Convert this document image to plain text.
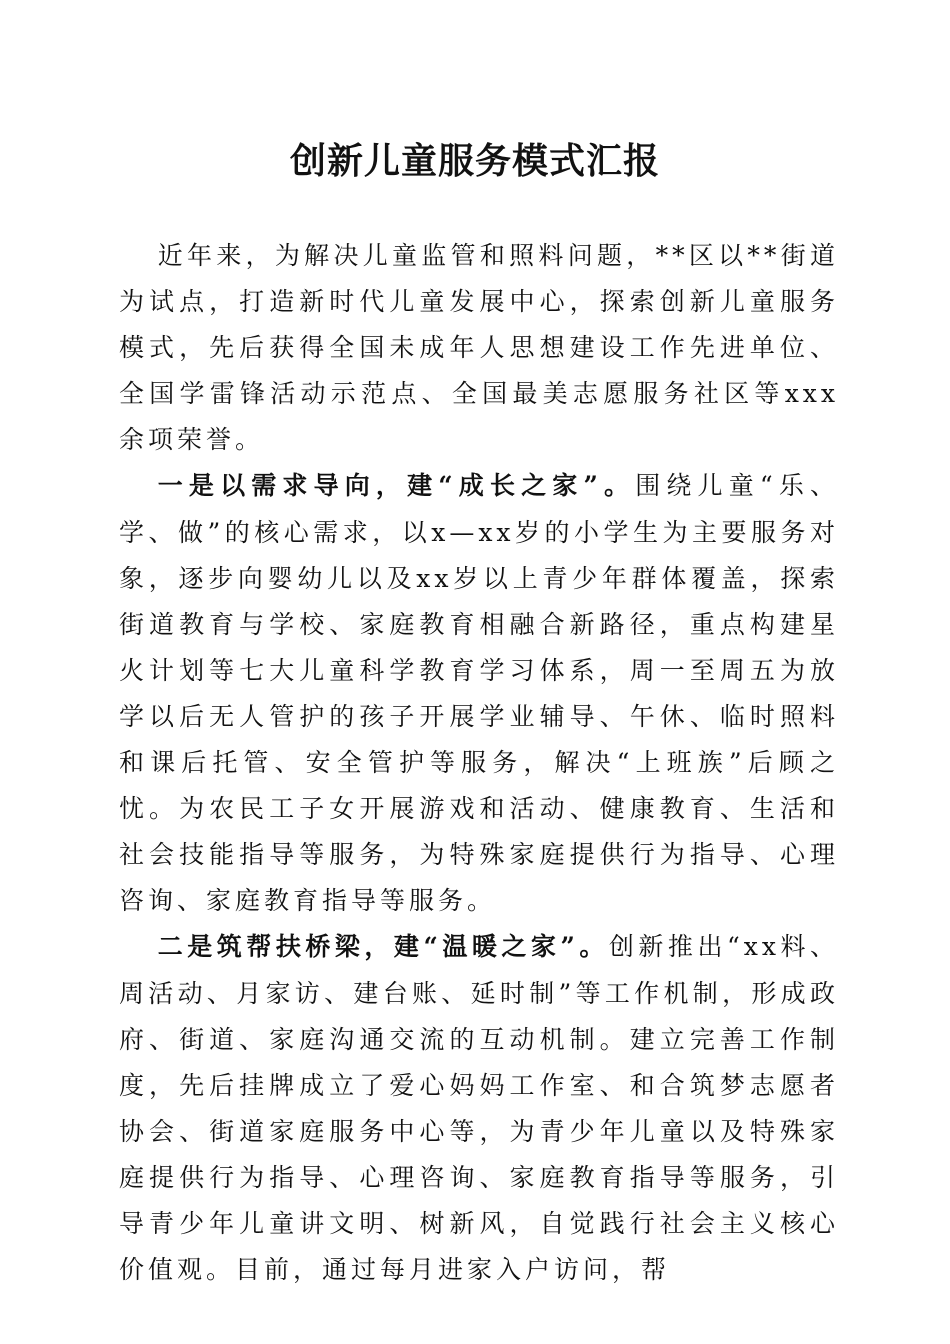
创新儿童服务模式汇报

近年来，为解决儿童监管和照料问题，**区以**街道为试点，打造新时代儿童发展中心，探索创新儿童服务模式，先后获得全国未成年人思想建设工作先进单位、全国学雷锋活动示范点、全国最美志愿服务社区等xxx余项荣誉。

一是以需求导向，建“成长之家”。围绕儿童“乐、学、做”的核心需求，以x—xx岁的小学生为主要服务对象，逐步向婴幼儿以及xx岁以上青少年群体覆盖，探索街道教育与学校、家庭教育相融合新路径，重点构建星火计划等七大儿童科学教育学习体系，周一至周五为放学以后无人管护的孩子开展学业辅导、午休、临时照料和课后托管、安全管护等服务，解决“上班族”后顾之忧。为农民工子女开展游戏和活动、健康教育、生活和社会技能指导等服务，为特殊家庭提供行为指导、心理咨询、家庭教育指导等服务。

二是筑帮扶桥梁，建“温暖之家”。创新推出“xx料、周活动、月家访、建台账、延时制”等工作机制，形成政府、街道、家庭沟通交流的互动机制。建立完善工作制度，先后挂牌成立了爱心妈妈工作室、和合筑梦志愿者协会、街道家庭服务中心等，为青少年儿童以及特殊家庭提供行为指导、心理咨询、家庭教育指导等服务，引导青少年儿童讲文明、树新风，自觉践行社会主义核心价值观。目前，通过每月进家入户访问，帮
